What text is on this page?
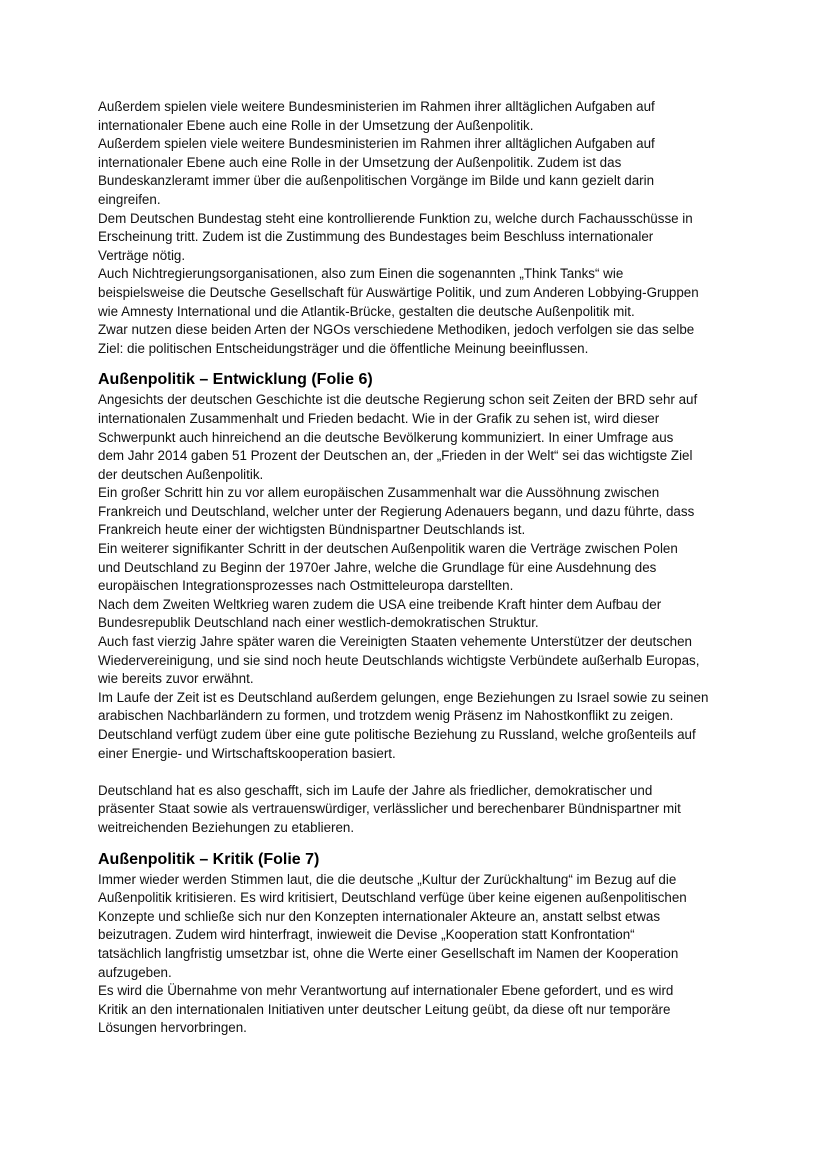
Außerdem spielen viele weitere Bundesministerien im Rahmen ihrer alltäglichen Aufgaben auf
internationaler Ebene auch eine Rolle in der Umsetzung der Außenpolitik.
Außerdem spielen viele weitere Bundesministerien im Rahmen ihrer alltäglichen Aufgaben auf
internationaler Ebene auch eine Rolle in der Umsetzung der Außenpolitik. Zudem ist das
Bundeskanzleramt immer über die außenpolitischen Vorgänge im Bilde und kann gezielt darin
eingreifen.
Dem Deutschen Bundestag steht eine kontrollierende Funktion zu, welche durch Fachausschüsse in
Erscheinung tritt. Zudem ist die Zustimmung des Bundestages beim Beschluss internationaler
Verträge nötig.
Auch Nichtregierungsorganisationen, also zum Einen die sogenannten „Think Tanks“ wie
beispielsweise die Deutsche Gesellschaft für Auswärtige Politik, und zum Anderen Lobbying-Gruppen
wie Amnesty International und die Atlantik-Brücke, gestalten die deutsche Außenpolitik mit.
Zwar nutzen diese beiden Arten der NGOs verschiedene Methodiken, jedoch verfolgen sie das selbe
Ziel: die politischen Entscheidungsträger und die öffentliche Meinung beeinflussen.
Außenpolitik – Entwicklung (Folie 6)
Angesichts der deutschen Geschichte ist die deutsche Regierung schon seit Zeiten der BRD sehr auf
internationalen Zusammenhalt und Frieden bedacht. Wie in der Grafik zu sehen ist, wird dieser
Schwerpunkt auch hinreichend an die deutsche Bevölkerung kommuniziert. In einer Umfrage aus
dem Jahr 2014 gaben 51 Prozent der Deutschen an, der „Frieden in der Welt“ sei das wichtigste Ziel
der deutschen Außenpolitik.
Ein großer Schritt hin zu vor allem europäischen Zusammenhalt war die Aussöhnung zwischen
Frankreich und Deutschland, welcher unter der Regierung Adenauers begann, und dazu führte, dass
Frankreich heute einer der wichtigsten Bündnispartner Deutschlands ist.
Ein weiterer signifikanter Schritt in der deutschen Außenpolitik waren die Verträge zwischen Polen
und Deutschland zu Beginn der 1970er Jahre, welche die Grundlage für eine Ausdehnung des
europäischen Integrationsprozesses nach Ostmitteleuropa darstellten.
Nach dem Zweiten Weltkrieg waren zudem die USA eine treibende Kraft hinter dem Aufbau der
Bundesrepublik Deutschland nach einer westlich-demokratischen Struktur.
Auch fast vierzig Jahre später waren die Vereinigten Staaten vehemente Unterstützer der deutschen
Wiedervereinigung, und sie sind noch heute Deutschlands wichtigste Verbündete außerhalb Europas,
wie bereits zuvor erwähnt.
Im Laufe der Zeit ist es Deutschland außerdem gelungen, enge Beziehungen zu Israel sowie zu seinen
arabischen Nachbarländern zu formen, und trotzdem wenig Präsenz im Nahostkonflikt zu zeigen.
Deutschland verfügt zudem über eine gute politische Beziehung zu Russland, welche großenteils auf
einer Energie- und Wirtschaftskooperation basiert.
Deutschland hat es also geschafft, sich im Laufe der Jahre als friedlicher, demokratischer und
präsenter Staat sowie als vertrauenswürdiger, verlässlicher und berechenbarer Bündnispartner mit
weitreichenden Beziehungen zu etablieren.
Außenpolitik – Kritik (Folie 7)
Immer wieder werden Stimmen laut, die die deutsche „Kultur der Zurückhaltung“ im Bezug auf die
Außenpolitik kritisieren. Es wird kritisiert, Deutschland verfüge über keine eigenen außenpolitischen
Konzepte und schließe sich nur den Konzepten internationaler Akteure an, anstatt selbst etwas
beizutragen. Zudem wird hinterfragt, inwieweit die Devise „Kooperation statt Konfrontation“
tatsächlich langfristig umsetzbar ist, ohne die Werte einer Gesellschaft im Namen der Kooperation
aufzugeben.
Es wird die Übernahme von mehr Verantwortung auf internationaler Ebene gefordert, und es wird
Kritik an den internationalen Initiativen unter deutscher Leitung geübt, da diese oft nur temporäre
Lösungen hervorbringen.
